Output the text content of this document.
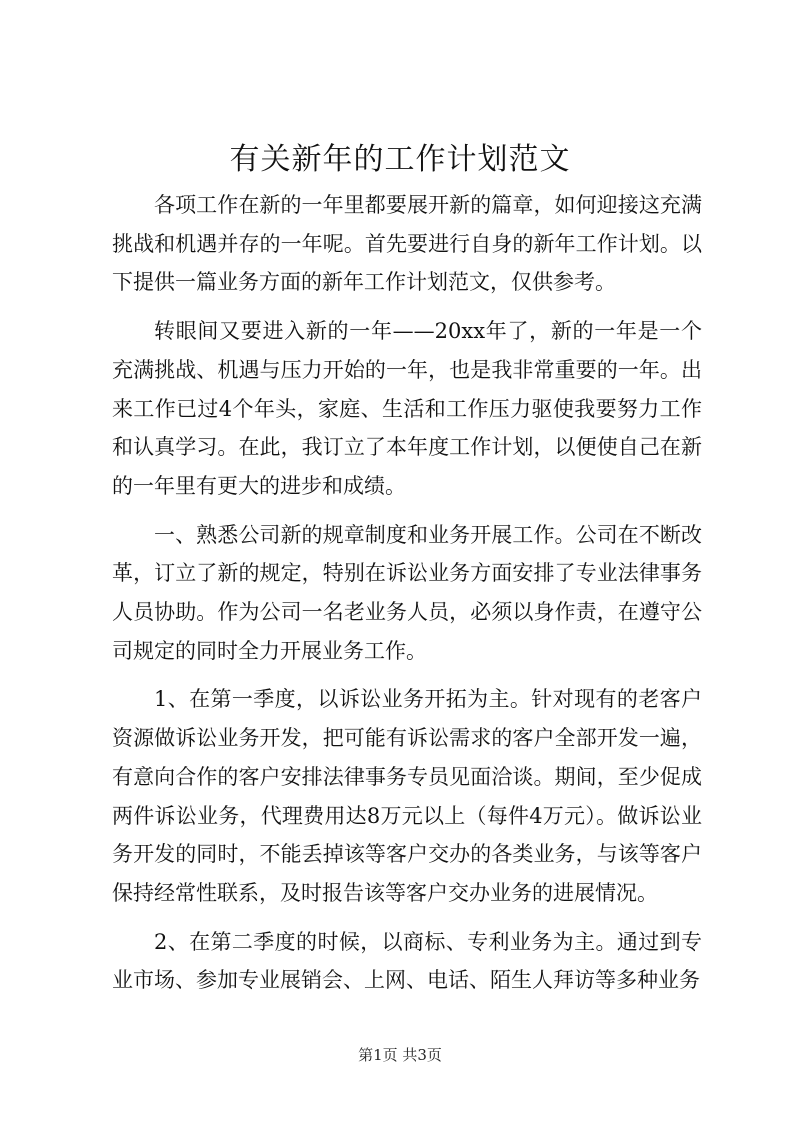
有关新年的工作计划范文

各项工作在新的一年里都要展开新的篇章，如何迎接这充满挑战和机遇并存的一年呢。首先要进行自身的新年工作计划。以下提供一篇业务方面的新年工作计划范文，仅供参考。

转眼间又要进入新的一年——20xx年了，新的一年是一个充满挑战、机遇与压力开始的一年，也是我非常重要的一年。出来工作已过4个年头，家庭、生活和工作压力驱使我要努力工作和认真学习。在此，我订立了本年度工作计划，以便使自己在新的一年里有更大的进步和成绩。

一、熟悉公司新的规章制度和业务开展工作。公司在不断改革，订立了新的规定，特别在诉讼业务方面安排了专业法律事务人员协助。作为公司一名老业务人员，必须以身作责，在遵守公司规定的同时全力开展业务工作。

1、在第一季度，以诉讼业务开拓为主。针对现有的老客户资源做诉讼业务开发，把可能有诉讼需求的客户全部开发一遍，有意向合作的客户安排法律事务专员见面洽谈。期间，至少促成两件诉讼业务，代理费用达8万元以上（每件4万元）。做诉讼业务开发的同时，不能丢掉该等客户交办的各类业务，与该等客户保持经常性联系，及时报告该等客户交办业务的进展情况。

2、在第二季度的时候，以商标、专利业务为主。通过到专业市场、参加专业展销会、上网、电话、陌生人拜访等多种业务

第1页 共3页
